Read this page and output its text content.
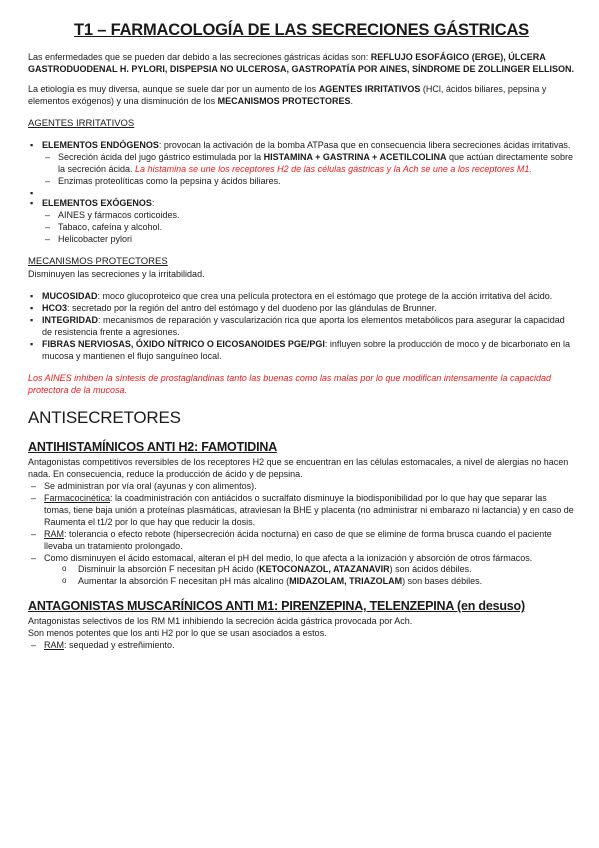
T1 – FARMACOLOGÍA DE LAS SECRECIONES GÁSTRICAS

Las enfermedades que se pueden dar debido a las secreciones gástricas ácidas son: REFLUJO ESOFÁGICO (ERGE), ÚLCERA GASTRODUODENAL H. PYLORI, DISPEPSIA NO ULCEROSA, GASTROPATÍA POR AINES, SÍNDROME DE ZOLLINGER ELLISON.

La etiología es muy diversa, aunque se suele dar por un aumento de los AGENTES IRRITATIVOS (HCl, ácidos biliares, pepsina y elementos exógenos) y una disminución de los MECANISMOS PROTECTORES.

AGENTES IRRITATIVOS

▪ ELEMENTOS ENDÓGENOS: provocan la activación de la bomba ATPasa que en consecuencia libera secreciones ácidas irritativas.
– Secreción ácida del jugo gástrico estimulada por la HISTAMINA + GASTRINA + ACETILCOLINA que actúan directamente sobre la secreción ácida. La histamina se une los receptores H2 de las células gástricas y la Ach se une a los receptores M1.
– Enzimas proteolíticas como la pepsina y ácidos biliares.
▪
▪ ELEMENTOS EXÓGENOS:
– AINES y fármacos corticoides.
– Tabaco, cafeína y alcohol.
– Helicobacter pylori

MECANISMOS PROTECTORES

Disminuyen las secreciones y la irritabilidad.

▪ MUCOSIDAD: moco glucoproteico que crea una película protectora en el estómago que protege de la acción irritativa del ácido.
▪ HCO3: secretado por la región del antro del estómago y del duodeno por las glándulas de Brunner.
▪ INTEGRIDAD: mecanismos de reparación y vascularización rica que aporta los elementos metabólicos para asegurar la capacidad de resistencia frente a agresiones.
▪ FIBRAS NERVIOSAS, ÓXIDO NÍTRICO O EICOSANOIDES PGE/PGI: influyen sobre la producción de moco y de bicarbonato en la mucosa y mantienen el flujo sanguíneo local.

Los AINES inhiben la síntesis de prostaglandinas tanto las buenas como las malas por lo que modifican intensamente la capacidad protectora de la mucosa.

ANTISECRETORES
ANTIHISTAMÍNICOS ANTI H2: FAMOTIDINA

Antagonistas competitivos reversibles de los receptores H2 que se encuentran en las células estomacales, a nivel de alergias no hacen nada. En consecuencia, reduce la producción de ácido y de pepsina.

– Se administran por vía oral (ayunas y con alimentos).
– Farmacocinética: la coadministración con antiácidos o sucralfato disminuye la biodisponibilidad por lo que hay que separar las tomas, tiene baja unión a proteínas plasmáticas, atraviesan la BHE y placenta (no administrar ni embarazo ni lactancia) y en caso de Raumenta el t1/2 por lo que hay que reducir la dosis.
– RAM: tolerancia o efecto rebote (hipersecreción ácida nocturna) en caso de que se elimine de forma brusca cuando el paciente llevaba un tratamiento prolongado.
– Como disminuyen el ácido estomacal, alteran el pH del medio, lo que afecta a la ionización y absorción de otros fármacos.
o Disminuir la absorción F necesitan pH ácido (KETOCONAZOL, ATAZANAVIR) son ácidos débiles.
o Aumentar la absorción F necesitan pH más alcalino (MIDAZOLAM, TRIAZOLAM) son bases débiles.
ANTAGONISTAS MUSCARÍNICOS ANTI M1: PIRENZEPINA, TELENZEPINA (en desuso)

Antagonistas selectivos de los RM M1 inhibiendo la secreción ácida gástrica provocada por Ach.

Son menos potentes que los anti H2 por lo que se usan asociados a estos.

– RAM: sequedad y estreñimiento.
